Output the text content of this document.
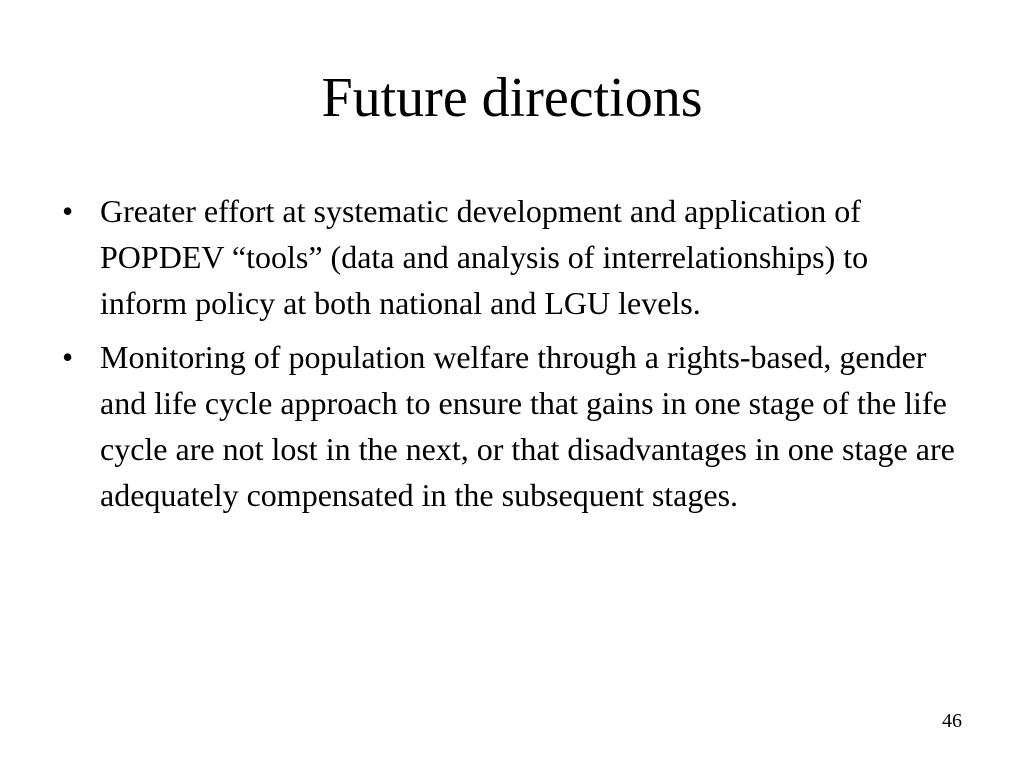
Future directions
• Greater effort at systematic development and application of POPDEV “tools” (data and analysis of interrelationships) to inform policy at both national and LGU levels.
• Monitoring of population welfare through a rights-based, gender and life cycle approach to ensure that gains in one stage of the life cycle are not lost in the next, or that disadvantages in one stage are adequately compensated in the subsequent stages.
46
